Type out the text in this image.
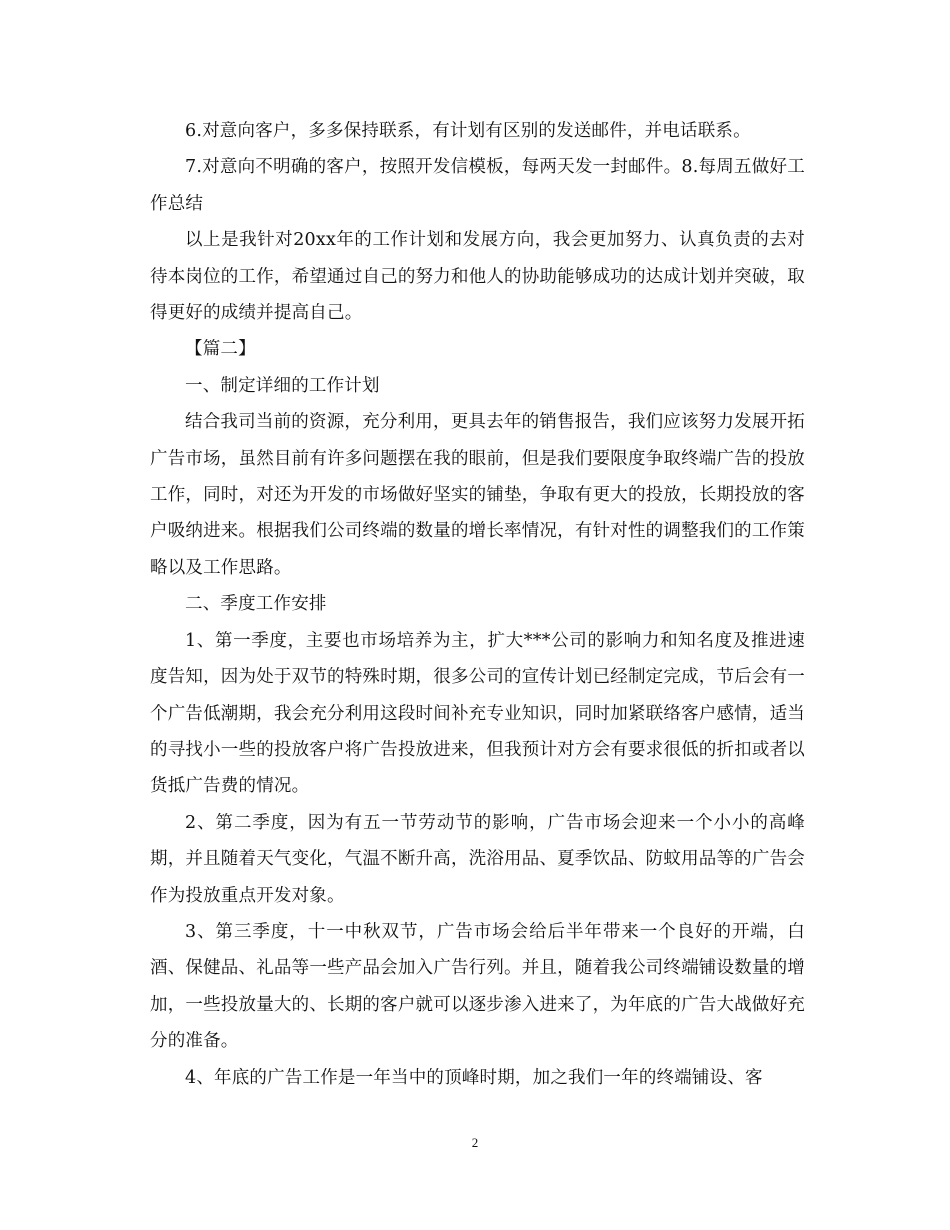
6.对意向客户，多多保持联系，有计划有区别的发送邮件，并电话联系。

7.对意向不明确的客户，按照开发信模板，每两天发一封邮件。8.每周五做好工作总结

以上是我针对20xx年的工作计划和发展方向，我会更加努力、认真负责的去对待本岗位的工作，希望通过自己的努力和他人的协助能够成功的达成计划并突破，取得更好的成绩并提高自己。

【篇二】

一、制定详细的工作计划

结合我司当前的资源，充分利用，更具去年的销售报告，我们应该努力发展开拓广告市场，虽然目前有许多问题摆在我的眼前，但是我们要限度争取终端广告的投放工作，同时，对还为开发的市场做好坚实的铺垫，争取有更大的投放，长期投放的客户吸纳进来。根据我们公司终端的数量的增长率情况，有针对性的调整我们的工作策略以及工作思路。

二、季度工作安排

1、第一季度，主要也市场培养为主，扩大***公司的影响力和知名度及推进速度告知，因为处于双节的特殊时期，很多公司的宣传计划已经制定完成，节后会有一个广告低潮期，我会充分利用这段时间补充专业知识，同时加紧联络客户感情，适当的寻找小一些的投放客户将广告投放进来，但我预计对方会有要求很低的折扣或者以货抵广告费的情况。

2、第二季度，因为有五一节劳动节的影响，广告市场会迎来一个小小的高峰期，并且随着天气变化，气温不断升高，洗浴用品、夏季饮品、防蚊用品等的广告会作为投放重点开发对象。

3、第三季度，十一中秋双节，广告市场会给后半年带来一个良好的开端，白酒、保健品、礼品等一些产品会加入广告行列。并且，随着我公司终端铺设数量的增加，一些投放量大的、长期的客户就可以逐步渗入进来了，为年底的广告大战做好充分的准备。

4、年底的广告工作是一年当中的顶峰时期，加之我们一年的终端铺设、客

2
